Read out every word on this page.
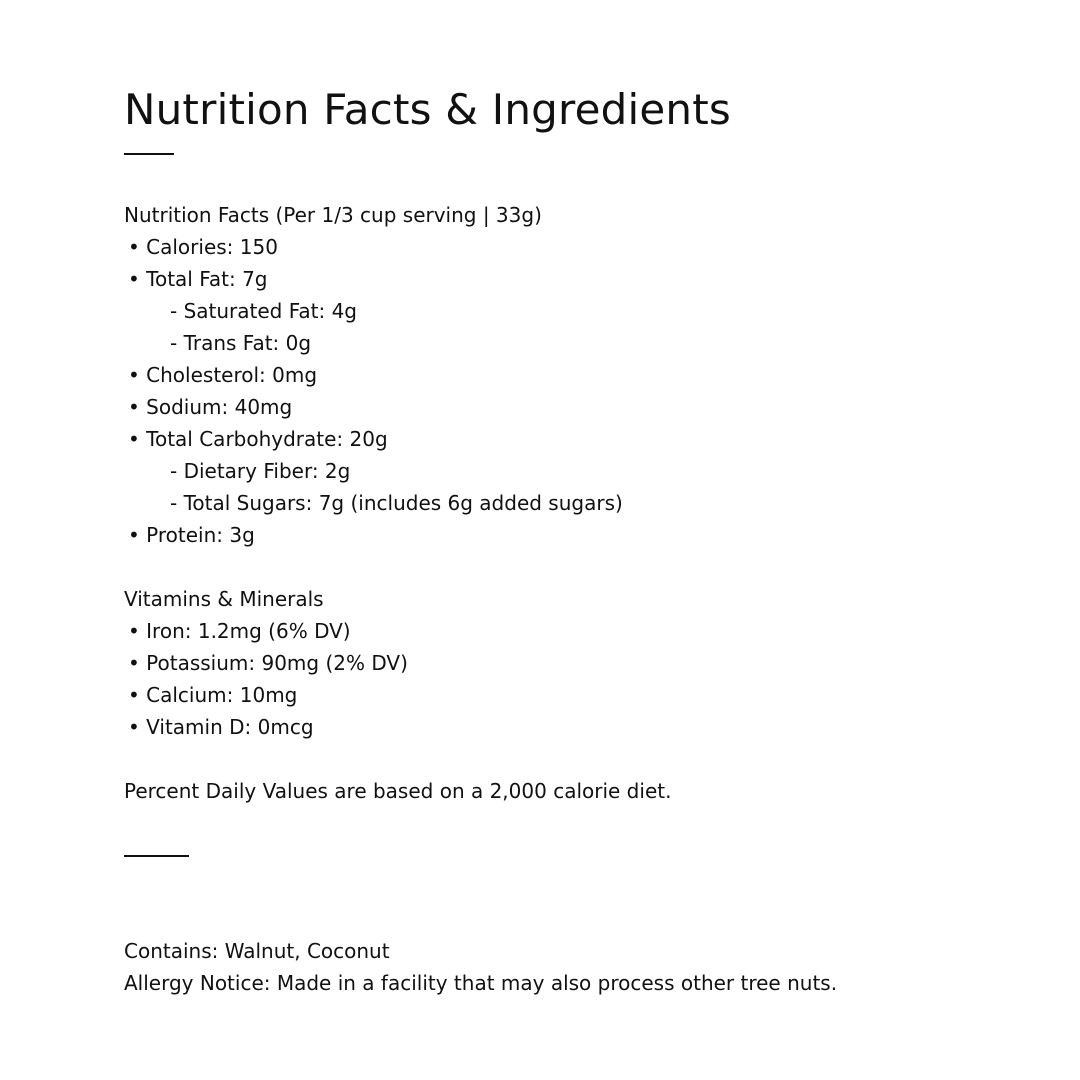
Nutrition Facts & Ingredients
Nutrition Facts (Per 1/3 cup serving | 33g)
• Calories: 150
• Total Fat: 7g
- Saturated Fat: 4g
- Trans Fat: 0g
• Cholesterol: 0mg
• Sodium: 40mg
• Total Carbohydrate: 20g
- Dietary Fiber: 2g
- Total Sugars: 7g (includes 6g added sugars)
• Protein: 3g
Vitamins & Minerals
• Iron: 1.2mg (6% DV)
• Potassium: 90mg (2% DV)
• Calcium: 10mg
• Vitamin D: 0mcg
Percent Daily Values are based on a 2,000 calorie diet.
Contains: Walnut, Coconut
Allergy Notice: Made in a facility that may also process other tree nuts.
